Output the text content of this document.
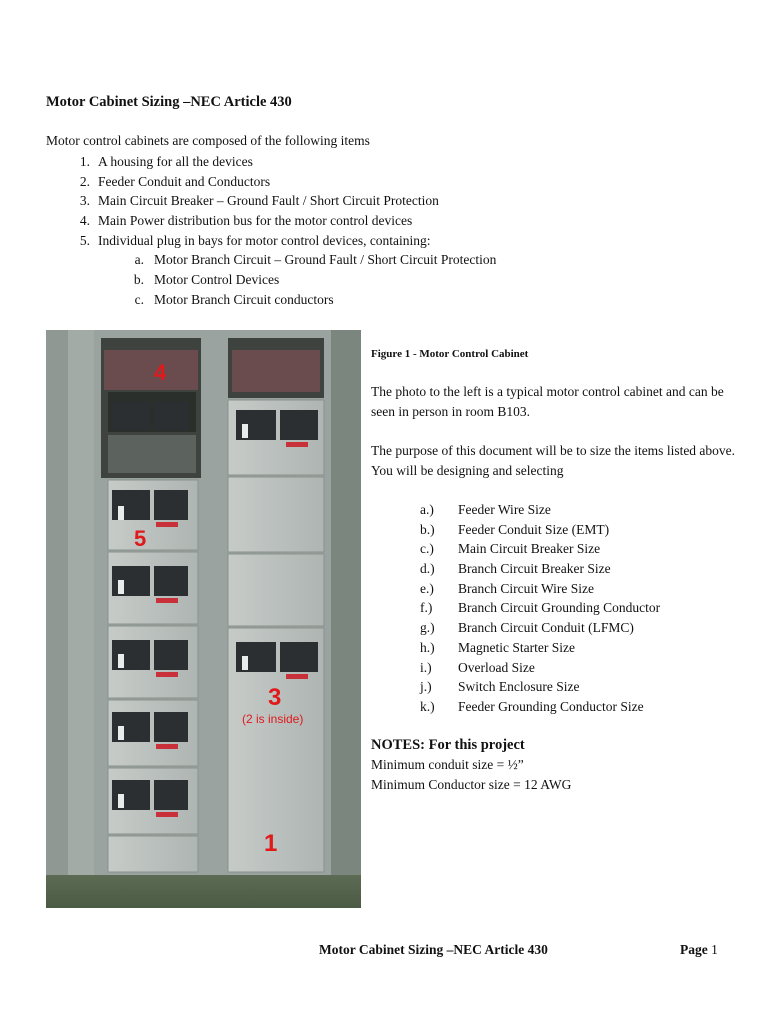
Motor Cabinet Sizing –NEC Article 430
Motor control cabinets are composed of the following items
1. A housing for all the devices
2. Feeder Conduit and Conductors
3. Main Circuit Breaker – Ground Fault / Short Circuit Protection
4. Main Power distribution bus for the motor control devices
5. Individual plug in bays for motor control devices, containing:
a. Motor Branch Circuit – Ground Fault / Short Circuit Protection
b. Motor Control Devices
c. Motor Branch Circuit conductors
4
5
3
(2 is inside)
1
Figure 1 - Motor Control Cabinet
The photo to the left is a typical motor control cabinet and can be seen in person in room B103.
The purpose of this document will be to size the items listed above. You will be designing and selecting
a.) Feeder Wire Size
b.) Feeder Conduit Size (EMT)
c.) Main Circuit Breaker Size
d.) Branch Circuit Breaker Size
e.) Branch Circuit Wire Size
f.) Branch Circuit Grounding Conductor
g.) Branch Circuit Conduit (LFMC)
h.) Magnetic Starter Size
i.) Overload Size
j.) Switch Enclosure Size
k.) Feeder Grounding Conductor Size
NOTES: For this project
Minimum conduit size = ½”
Minimum Conductor size = 12 AWG
Motor Cabinet Sizing –NEC Article 430	Page 1
